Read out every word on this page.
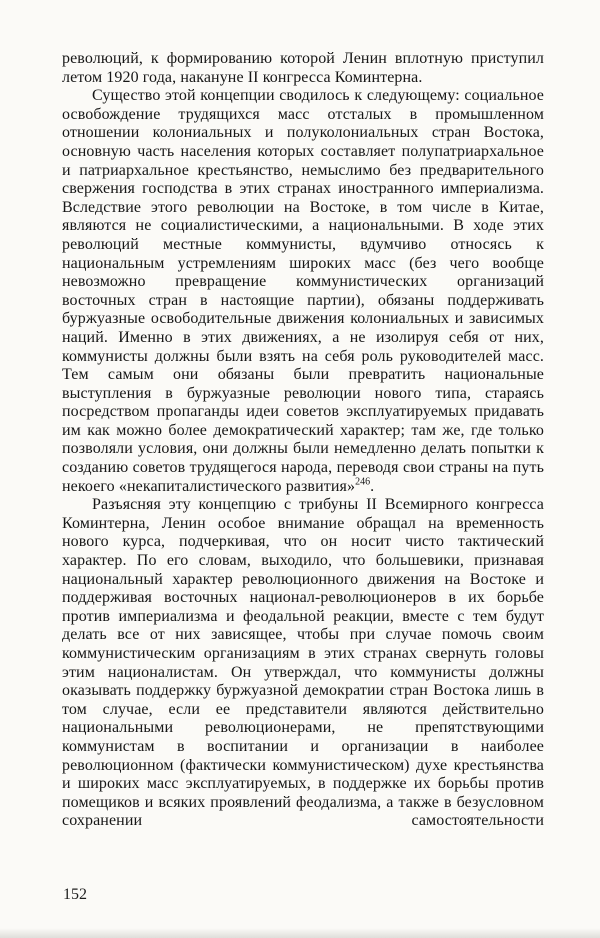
революций, к формированию которой Ленин вплотную приступил летом 1920 года, накануне II конгресса Коминтерна.

Существо этой концепции сводилось к следующему: социальное освобождение трудящихся масс отсталых в промышленном отношении колониальных и полуколониальных стран Востока, основную часть населения которых составляет полупатриархальное и патриархальное крестьянство, немыслимо без предварительного свержения господства в этих странах иностранного империализма. Вследствие этого революции на Востоке, в том числе в Китае, являются не социалистическими, а национальными. В ходе этих революций местные коммунисты, вдумчиво относясь к национальным устремлениям широких масс (без чего вообще невозможно превращение коммунистических организаций восточных стран в настоящие партии), обязаны поддерживать буржуазные освободительные движения колониальных и зависимых наций. Именно в этих движениях, а не изолируя себя от них, коммунисты должны были взять на себя роль руководителей масс. Тем самым они обязаны были превратить национальные выступления в буржуазные революции нового типа, стараясь посредством пропаганды идеи советов эксплуатируемых придавать им как можно более демократический характер; там же, где только позволяли условия, они должны были немедленно делать попытки к созданию советов трудящегося народа, переводя свои страны на путь некоего «некапиталистического развития»$^{246}$.

Разъясняя эту концепцию с трибуны II Всемирного конгресса Коминтерна, Ленин особое внимание обращал на временность нового курса, подчеркивая, что он носит чисто тактический характер. По его словам, выходило, что большевики, признавая национальный характер революционного движения на Востоке и поддерживая восточных национал-революционеров в их борьбе против империализма и феодальной реакции, вместе с тем будут делать все от них зависящее, чтобы при случае помочь своим коммунистическим организациям в этих странах свернуть головы этим националистам. Он утверждал, что коммунисты должны оказывать поддержку буржуазной демократии стран Востока лишь в том случае, если ее представители являются действительно национальными революционерами, не препятствующими коммунистам в воспитании и организации в наиболее революционном (фактически коммунистическом) духе крестьянства и широких масс эксплуатируемых, в поддержке их борьбы против помещиков и всяких проявлений феодализма, а также в безусловном сохранении самостоятельности

152
